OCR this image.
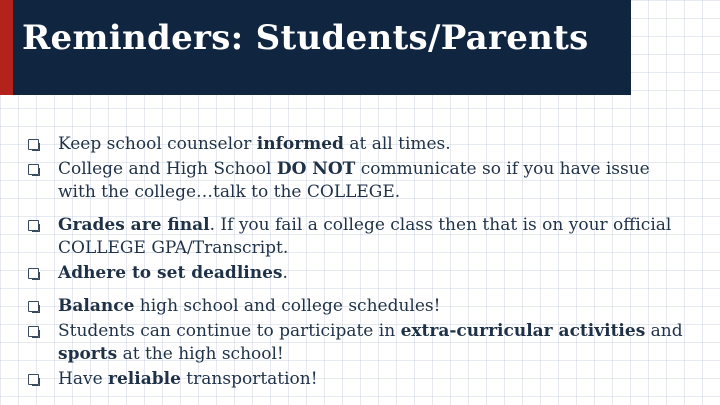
Reminders: Students/Parents
Keep school counselor informed at all times.
College and High School DO NOT communicate so if you have issue with the college…talk to the COLLEGE.
Grades are final. If you fail a college class then that is on your official COLLEGE GPA/Transcript.
Adhere to set deadlines.
Balance high school and college schedules!
Students can continue to participate in extra-curricular activities and sports at the high school!
Have reliable transportation!
